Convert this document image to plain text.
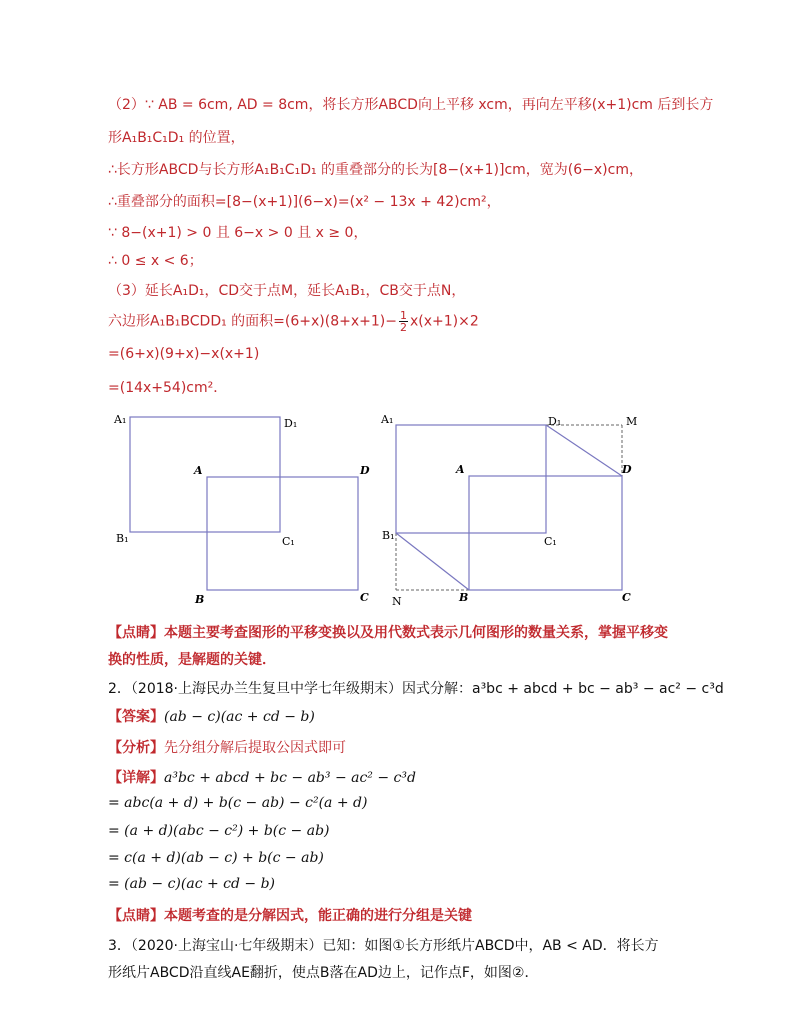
（2）∵ AB = 6cm, AD = 8cm，将长方形ABCD向上平移 xcm，再向左平移(x+1)cm 后到长方
形A₁B₁C₁D₁ 的位置，
∴长方形ABCD与长方形A₁B₁C₁D₁ 的重叠部分的长为[8−(x+1)]cm，宽为(6−x)cm，
∴重叠部分的面积=[8−(x+1)](6−x)=(x² − 13x + 42)cm²，
∵ 8−(x+1) > 0 且 6−x > 0 且 x ≥ 0，
∴ 0 ≤ x < 6；
（3）延长A₁D₁，CD交于点M，延长A₁B₁，CB交于点N，
六边形A₁B₁BCDD₁ 的面积$=(6+x)(8+x+1)- \frac{1}{2} x(x+1)\times 2$
=(6+x)(9+x)−x(x+1)
=(14x+54)cm²．
A₁	D₁
A	D
B₁	C₁
B	C
A₁	D₁	M
A	D
B₁	C₁
N	B	C
【点睛】本题主要考查图形的平移变换以及用代数式表示几何图形的数量关系，掌握平移变
换的性质，是解题的关键．
2．（2018·上海民办兰生复旦中学七年级期末）因式分解：a³bc + abcd + bc − ab³ − ac² − c³d
【答案】(ab − c)(ac + cd − b)
【分析】先分组分解后提取公因式即可
【详解】a³bc + abcd + bc − ab³ − ac² − c³d
= abc(a + d) + b(c − ab) − c²(a + d)
= (a + d)(abc − c²) + b(c − ab)
= c(a + d)(ab − c) + b(c − ab)
= (ab − c)(ac + cd − b)
【点睛】本题考查的是分解因式，能正确的进行分组是关键
3．（2020·上海宝山·七年级期末）已知：如图①长方形纸片ABCD中，AB < AD．将长方
形纸片ABCD沿直线AE翻折，使点B落在AD边上，记作点F，如图②．
